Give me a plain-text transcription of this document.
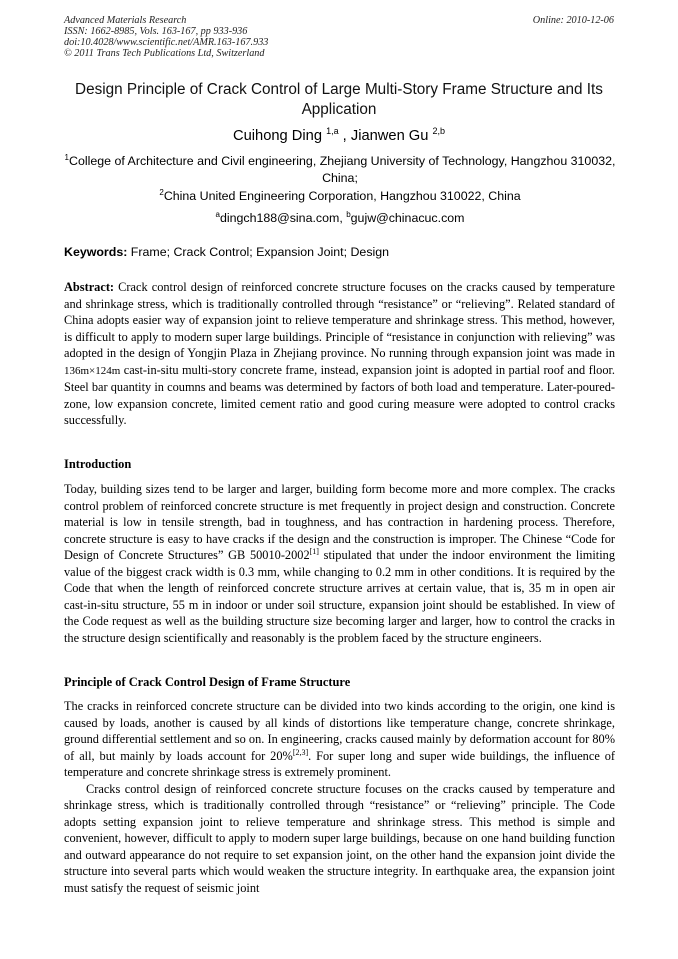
Advanced Materials Research
ISSN: 1662-8985, Vols. 163-167, pp 933-936
doi:10.4028/www.scientific.net/AMR.163-167.933
© 2011 Trans Tech Publications Ltd, Switzerland
Online: 2010-12-06
Design Principle of Crack Control of Large Multi-Story Frame Structure and Its Application
Cuihong Ding $^{1,a}$ , Jianwen Gu $^{2,b}$
$^1$College of Architecture and Civil engineering, Zhejiang University of Technology, Hangzhou 310032, China;
$^2$China United Engineering Corporation, Hangzhou 310022, China
$^a$dingch188@sina.com, $^b$gujw@chinacuc.com
Keywords: Frame; Crack Control; Expansion Joint; Design

Abstract: Crack control design of reinforced concrete structure focuses on the cracks caused by temperature and shrinkage stress, which is traditionally controlled through “resistance” or “relieving”. Related standard of China adopts easier way of expansion joint to relieve temperature and shrinkage stress. This method, however, is difficult to apply to modern super large buildings. Principle of “resistance in conjunction with relieving” was adopted in the design of Yongjin Plaza in Zhejiang province. No running through expansion joint was made in 136m×124m cast-in-situ multi-story concrete frame, instead, expansion joint is adopted in partial roof and floor. Steel bar quantity in coumns and beams was determined by factors of both load and temperature. Later-poured-zone, low expansion concrete, limited cement ratio and good curing measure were adopted to control cracks successfully.

Introduction

Today, building sizes tend to be larger and larger, building form become more and more complex. The cracks control problem of reinforced concrete structure is met frequently in project design and construction. Concrete material is low in tensile strength, bad in toughness, and has contraction in hardening process. Therefore, concrete structure is easy to have cracks if the design and the construction is improper. The Chinese “Code for Design of Concrete Structures” GB 50010-2002[1] stipulated that under the indoor environment the limiting value of the biggest crack width is 0.3 mm, while changing to 0.2 mm in other conditions. It is required by the Code that when the length of reinforced concrete structure arrives at certain value, that is, 35 m in open air cast-in-situ structure, 55 m in indoor or under soil structure, expansion joint should be established. In view of the Code request as well as the building structure size becoming larger and larger, how to control the cracks in the structure design scientifically and reasonably is the problem faced by the structure engineers.

Principle of Crack Control Design of Frame Structure

The cracks in reinforced concrete structure can be divided into two kinds according to the origin, one kind is caused by loads, another is caused by all kinds of distortions like temperature change, concrete shrinkage, ground differential settlement and so on. In engineering, cracks caused mainly by deformation account for 80% of all, but mainly by loads account for 20%[2,3]. For super long and super wide buildings, the influence of temperature and concrete shrinkage stress is extremely prominent.

Cracks control design of reinforced concrete structure focuses on the cracks caused by temperature and shrinkage stress, which is traditionally controlled through “resistance” or “relieving” principle. The Code adopts setting expansion joint to relieve temperature and shrinkage stress. This method is simple and convenient, however, difficult to apply to modern super large buildings, because on one hand building function and outward appearance do not require to set expansion joint, on the other hand the expansion joint divide the structure into several parts which would weaken the structure integrity. In earthquake area, the expansion joint must satisfy the request of seismic joint
